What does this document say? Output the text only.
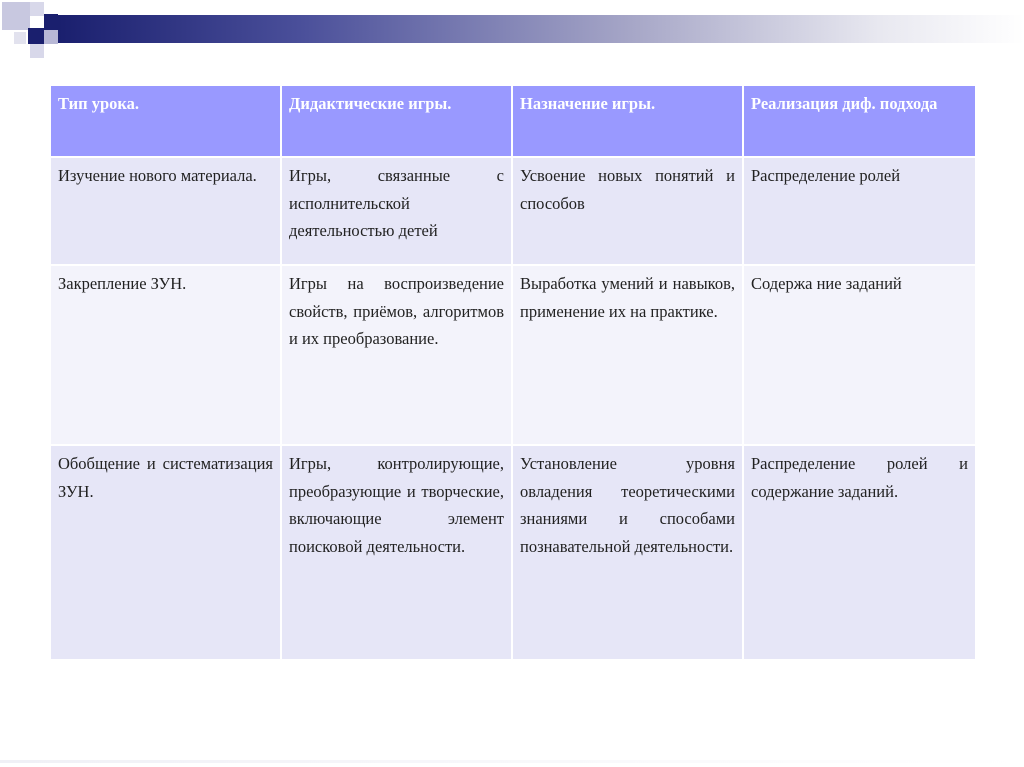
Тип урока.	Дидактические игры.	Назначение игры.	Реализация диф. подхода
Изучение нового материала.	Игры, связанные с исполнительской деятельностью детей	Усвоение новых понятий и способов	Распределение ролей
Закрепление ЗУН.	Игры на воспроизведение свойств, приёмов, алгоритмов и их преобразование.	Выработка умений и навыков, применение их на практике.	Содержа ние заданий
Обобщение и систематизация ЗУН.	Игры, контролирующие, преобразующие и творческие, включающие элемент поисковой деятельности.	Установление уровня овладения теоретическими знаниями и способами познавательной деятельности.	Распределение ролей и содержание заданий.
